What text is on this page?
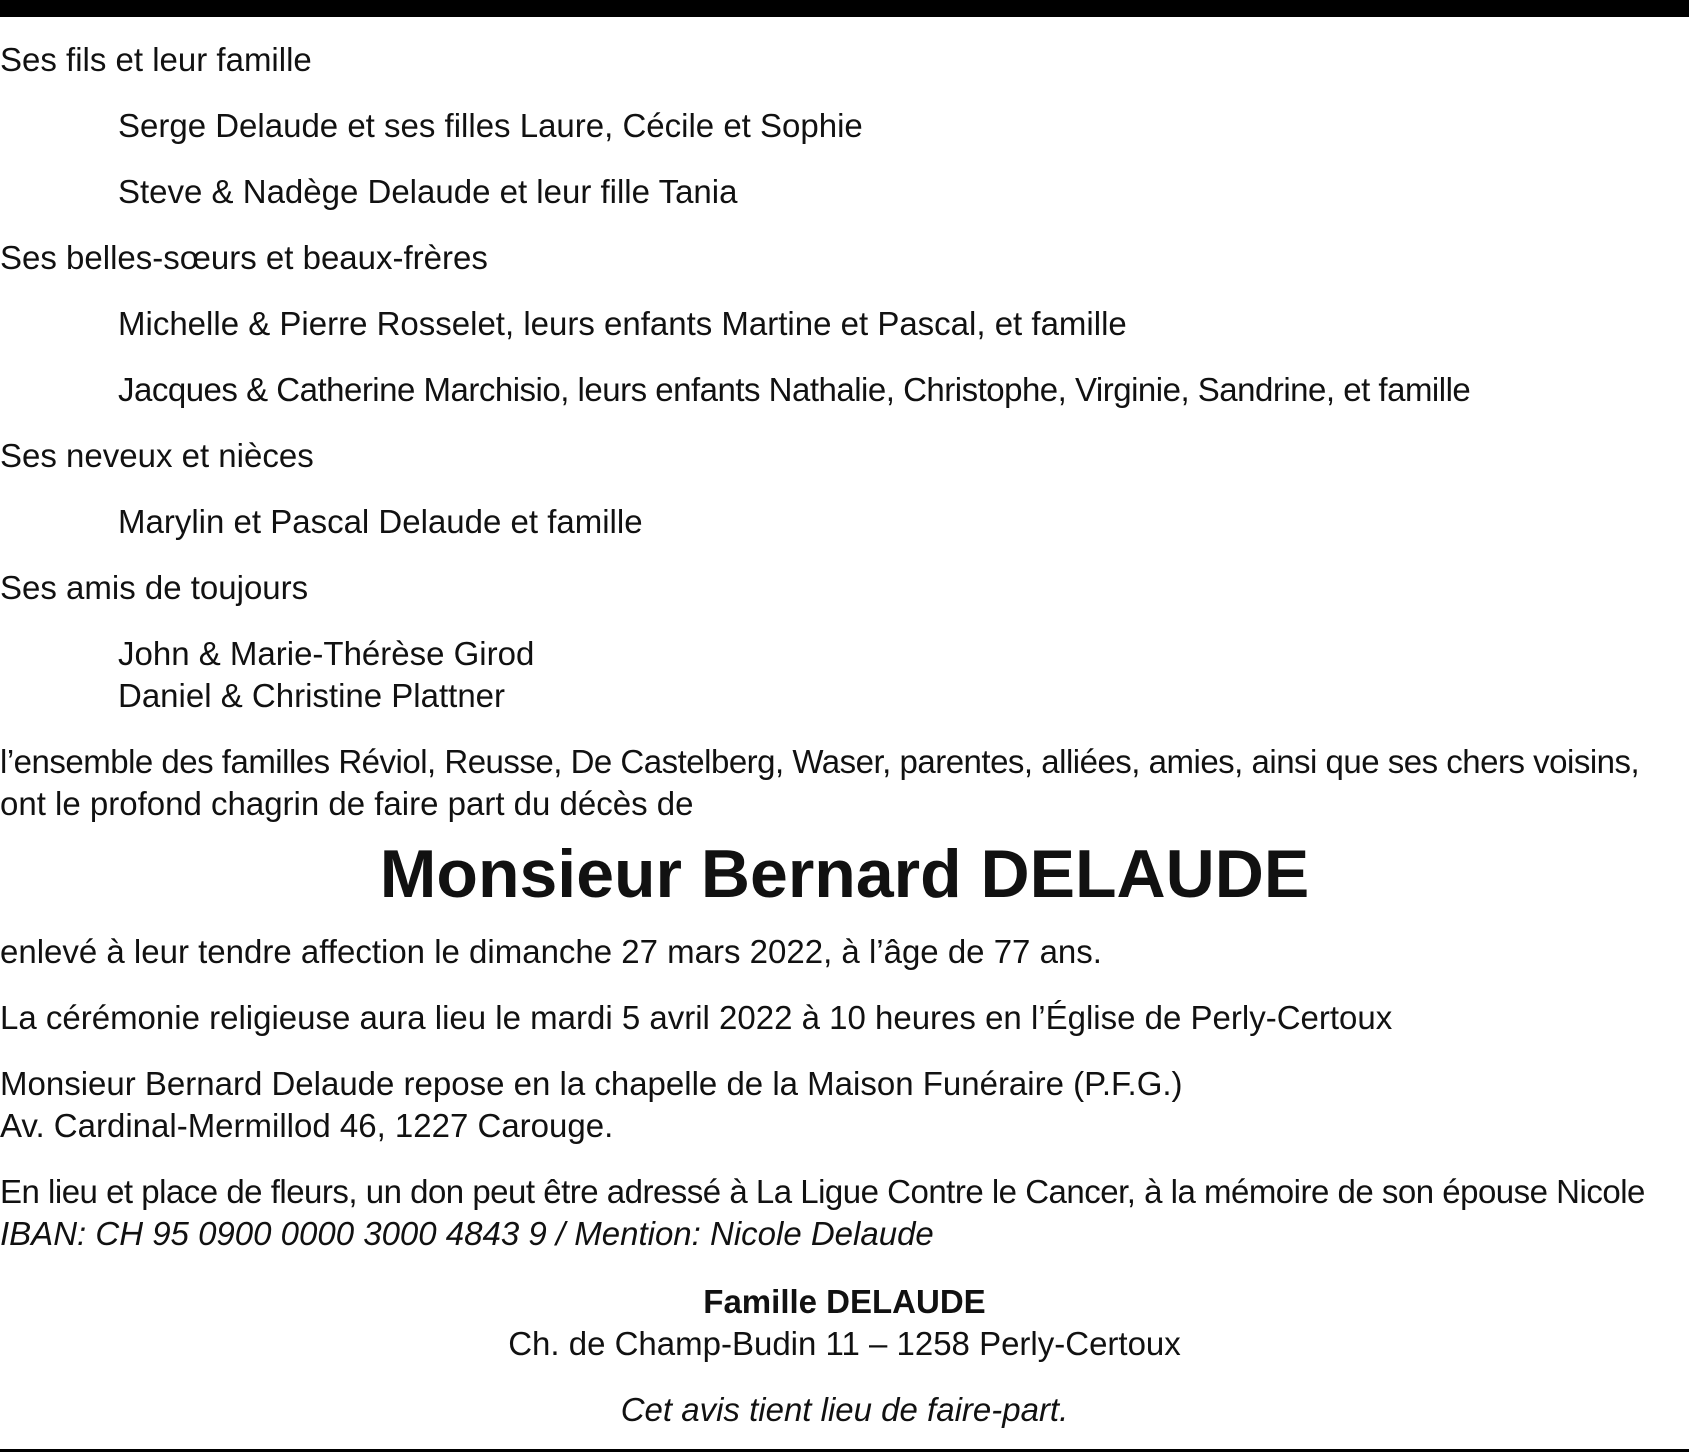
Ses fils et leur famille

Serge Delaude et ses filles Laure, Cécile et Sophie

Steve & Nadège Delaude et leur fille Tania

Ses belles-sœurs et beaux-frères

Michelle & Pierre Rosselet, leurs enfants Martine et Pascal, et famille

Jacques & Catherine Marchisio, leurs enfants Nathalie, Christophe, Virginie, Sandrine, et famille

Ses neveux et nièces

Marylin et Pascal Delaude et famille

Ses amis de toujours

John & Marie-Thérèse Girod

Daniel & Christine Plattner

l’ensemble des familles Réviol, Reusse, De Castelberg, Waser, parentes, alliées, amies, ainsi que ses chers voisins,

ont le profond chagrin de faire part du décès de

Monsieur Bernard DELAUDE

enlevé à leur tendre affection le dimanche 27 mars 2022, à l’âge de 77 ans.

La cérémonie religieuse aura lieu le mardi 5 avril 2022 à 10 heures en l’Église de Perly-Certoux

Monsieur Bernard Delaude repose en la chapelle de la Maison Funéraire (P.F.G.)

Av. Cardinal-Mermillod 46, 1227 Carouge.

En lieu et place de fleurs, un don peut être adressé à La Ligue Contre le Cancer, à la mémoire de son épouse Nicole

IBAN: CH 95 0900 0000 3000 4843 9 / Mention: Nicole Delaude

Famille DELAUDE

Ch. de Champ-Budin 11 – 1258 Perly-Certoux

Cet avis tient lieu de faire-part.
